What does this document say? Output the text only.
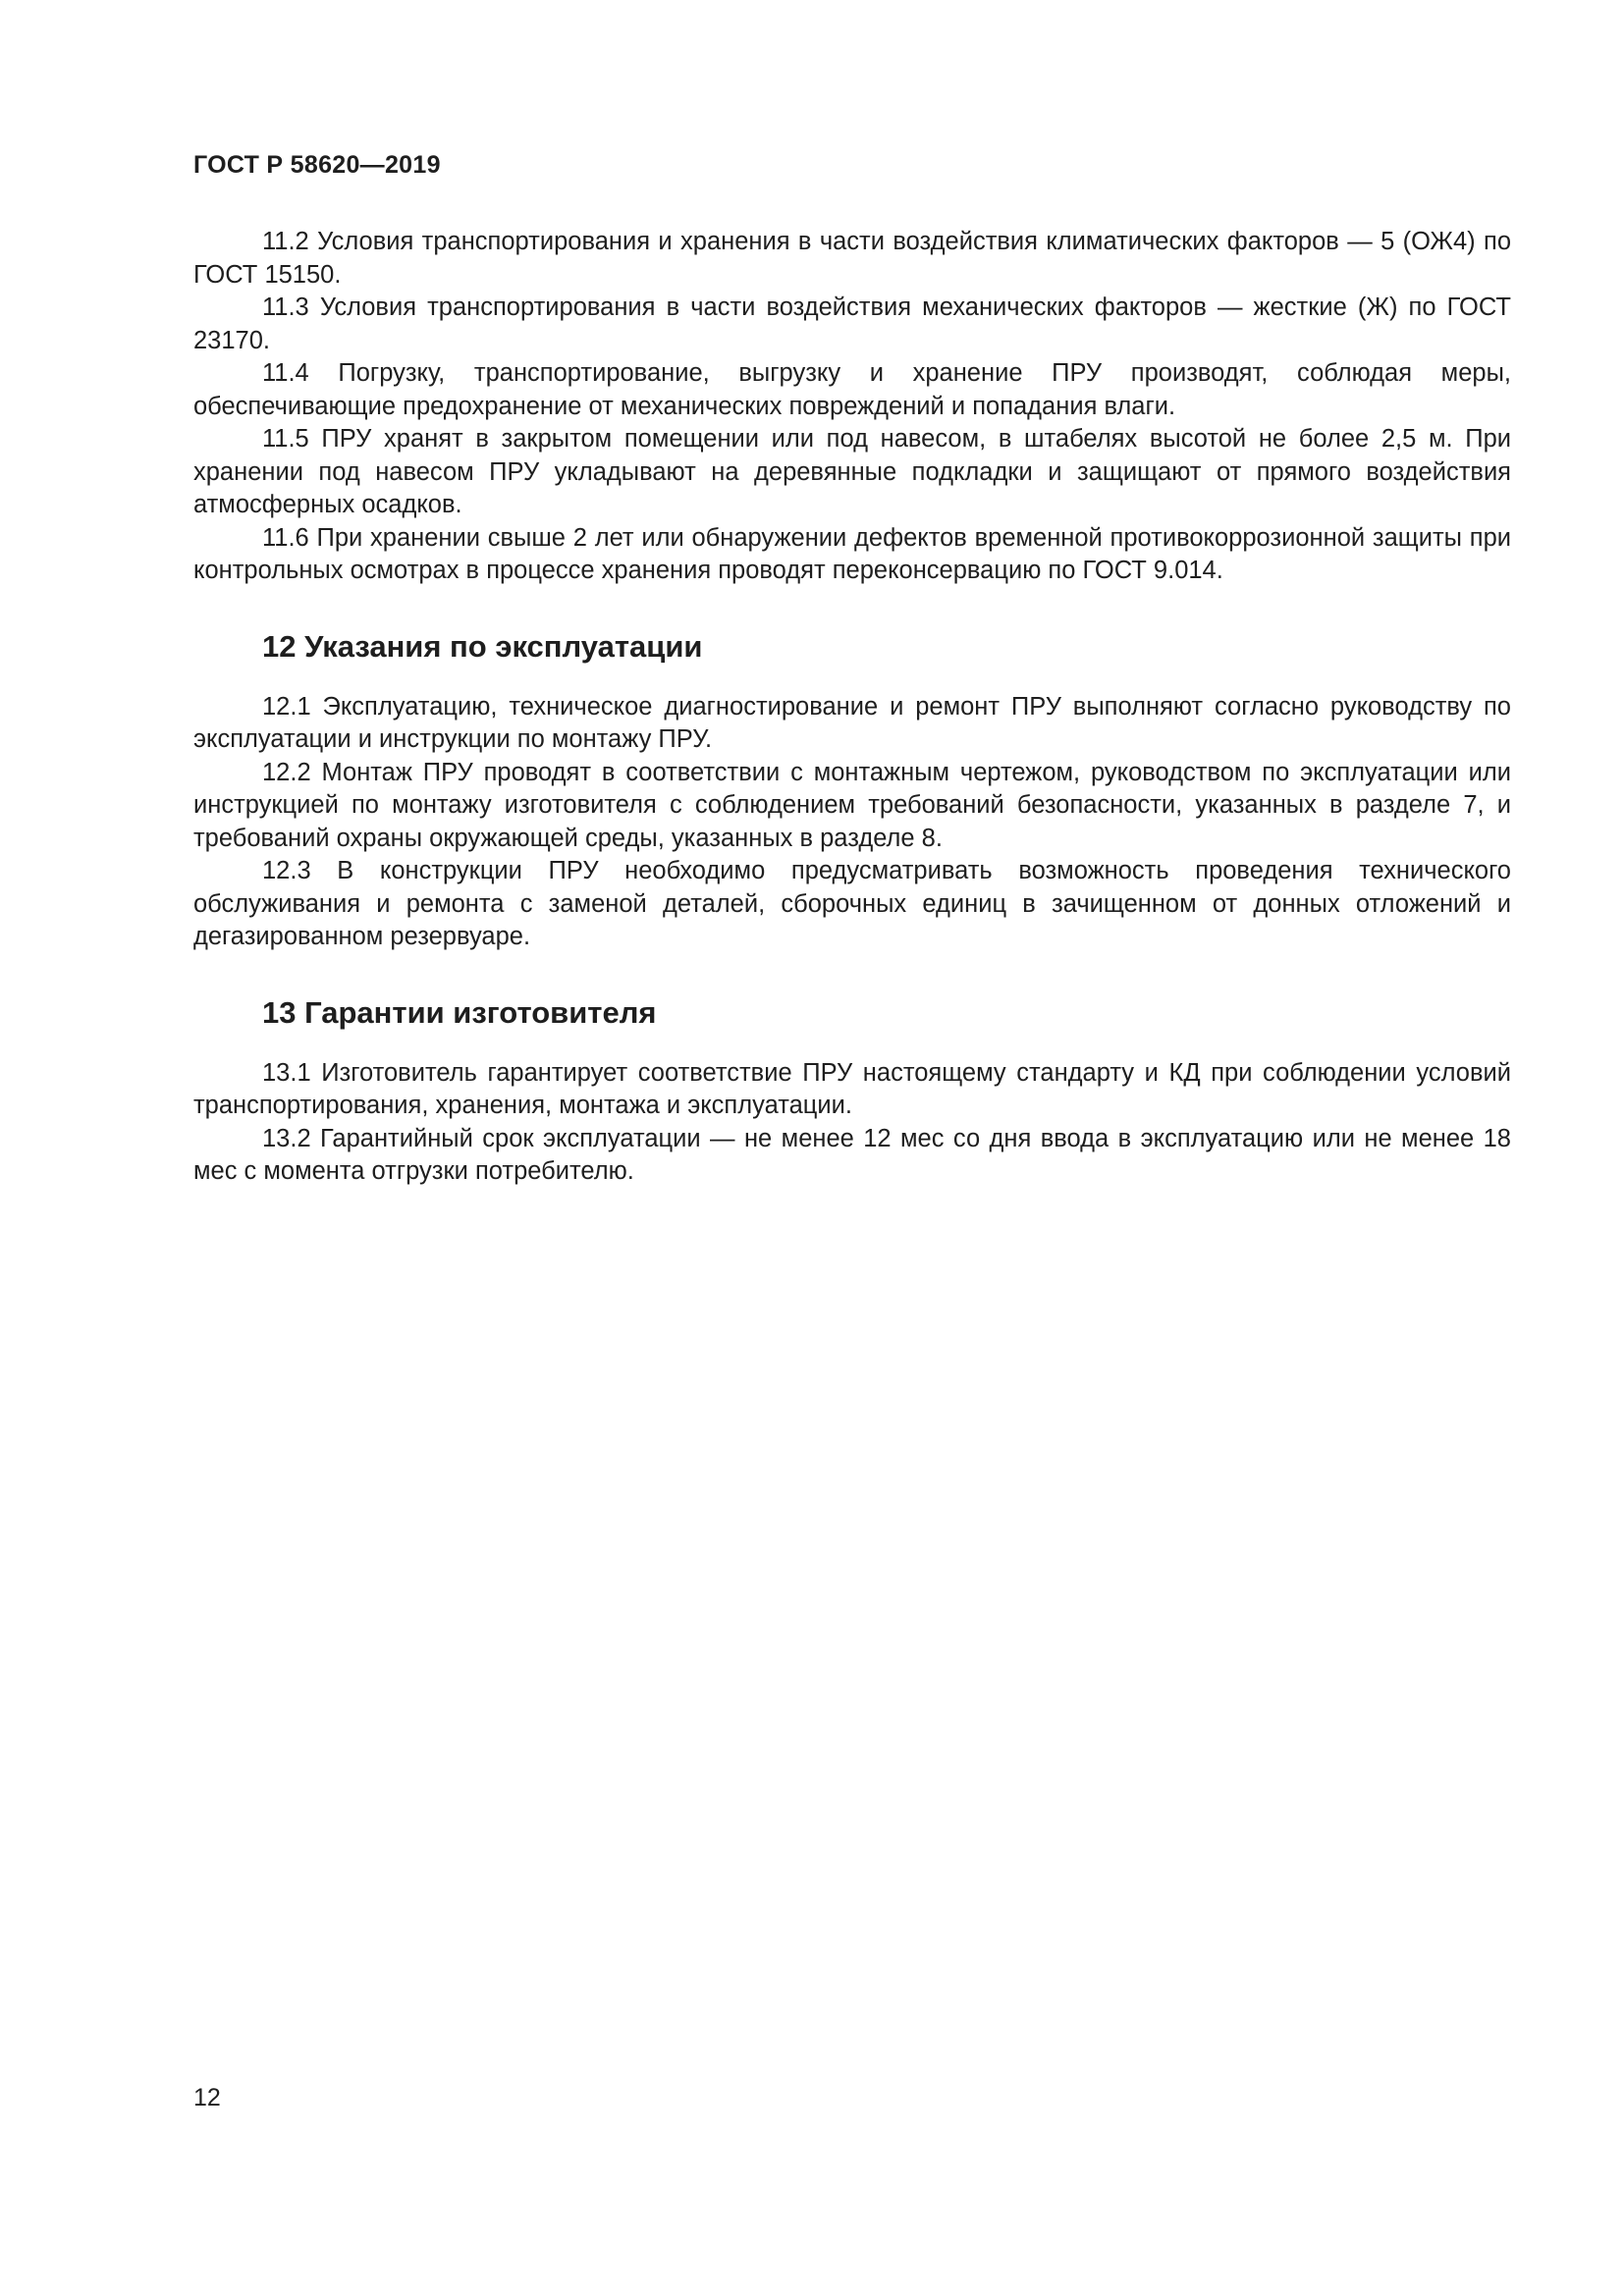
ГОСТ Р 58620—2019

11.2 Условия транспортирования и хранения в части воздействия климатических факторов — 5 (ОЖ4) по ГОСТ 15150.

11.3 Условия транспортирования в части воздействия механических факторов — жесткие (Ж) по ГОСТ 23170.

11.4 Погрузку, транспортирование, выгрузку и хранение ПРУ производят, соблюдая меры, обеспечивающие предохранение от механических повреждений и попадания влаги.

11.5 ПРУ хранят в закрытом помещении или под навесом, в штабелях высотой не более 2,5 м. При хранении под навесом ПРУ укладывают на деревянные подкладки и защищают от прямого воздействия атмосферных осадков.

11.6 При хранении свыше 2 лет или обнаружении дефектов временной противокоррозионной защиты при контрольных осмотрах в процессе хранения проводят переконсервацию по ГОСТ 9.014.

12 Указания по эксплуатации

12.1 Эксплуатацию, техническое диагностирование и ремонт ПРУ выполняют согласно руководству по эксплуатации и инструкции по монтажу ПРУ.

12.2 Монтаж ПРУ проводят в соответствии с монтажным чертежом, руководством по эксплуатации или инструкцией по монтажу изготовителя с соблюдением требований безопасности, указанных в разделе 7, и требований охраны окружающей среды, указанных в разделе 8.

12.3 В конструкции ПРУ необходимо предусматривать возможность проведения технического обслуживания и ремонта с заменой деталей, сборочных единиц в зачищенном от донных отложений и дегазированном резервуаре.

13 Гарантии изготовителя

13.1 Изготовитель гарантирует соответствие ПРУ настоящему стандарту и КД при соблюдении условий транспортирования, хранения, монтажа и эксплуатации.

13.2 Гарантийный срок эксплуатации — не менее 12 мес со дня ввода в эксплуатацию или не менее 18 мес с момента отгрузки потребителю.

12
